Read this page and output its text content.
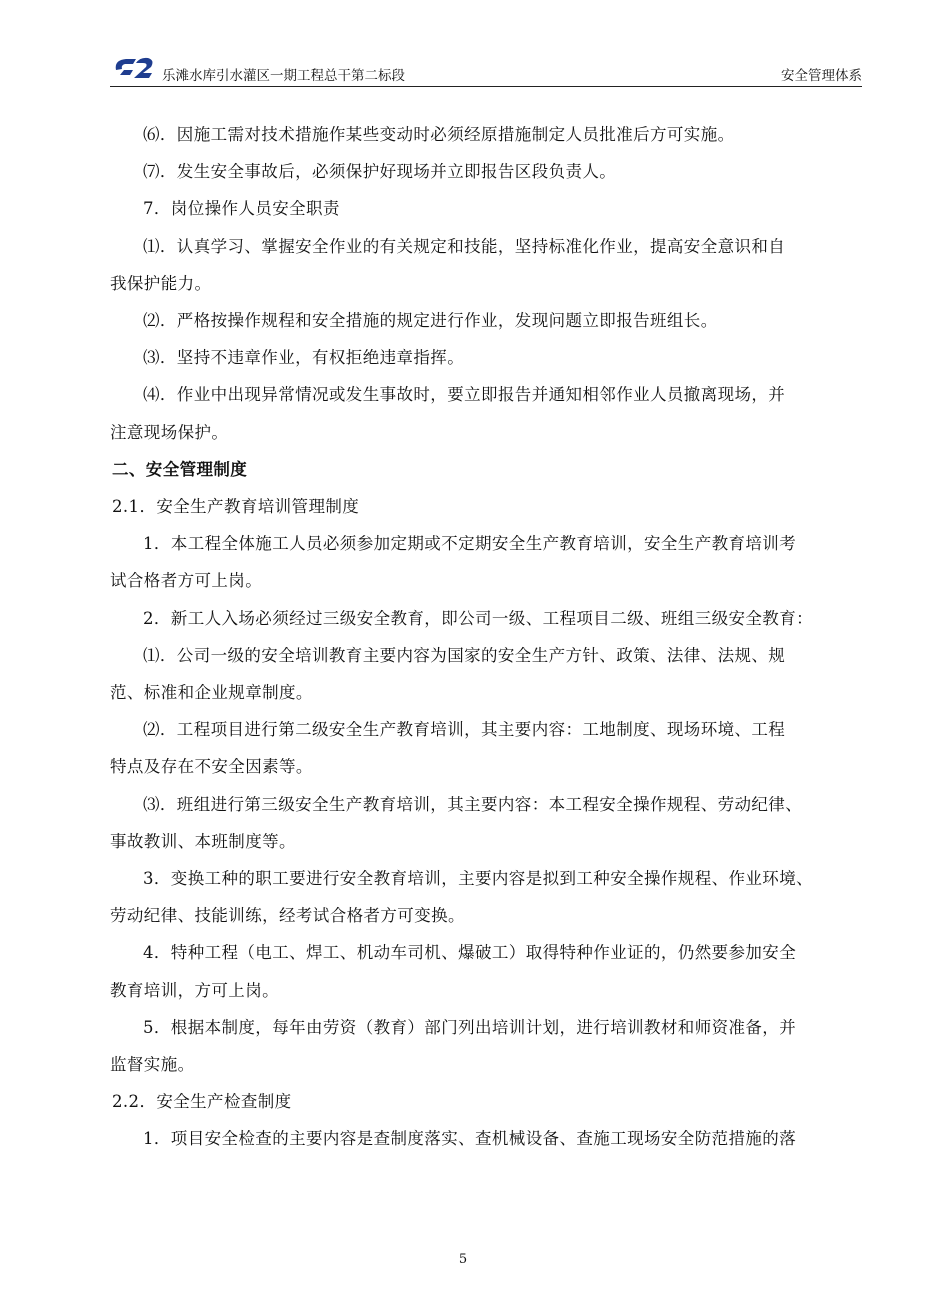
乐滩水库引水灌区一期工程总干第二标段	安全管理体系

⑹．因施工需对技术措施作某些变动时必须经原措施制定人员批准后方可实施。

⑺．发生安全事故后，必须保护好现场并立即报告区段负责人。

7．岗位操作人员安全职责

⑴．认真学习、掌握安全作业的有关规定和技能，坚持标准化作业，提高安全意识和自

我保护能力。

⑵．严格按操作规程和安全措施的规定进行作业，发现问题立即报告班组长。

⑶．坚持不违章作业，有权拒绝违章指挥。

⑷．作业中出现异常情况或发生事故时，要立即报告并通知相邻作业人员撤离现场，并

注意现场保护。

二、安全管理制度

2.1．安全生产教育培训管理制度

1．本工程全体施工人员必须参加定期或不定期安全生产教育培训，安全生产教育培训考

试合格者方可上岗。

2．新工人入场必须经过三级安全教育，即公司一级、工程项目二级、班组三级安全教育：

⑴．公司一级的安全培训教育主要内容为国家的安全生产方针、政策、法律、法规、规

范、标准和企业规章制度。

⑵．工程项目进行第二级安全生产教育培训，其主要内容：工地制度、现场环境、工程

特点及存在不安全因素等。

⑶．班组进行第三级安全生产教育培训，其主要内容：本工程安全操作规程、劳动纪律、

事故教训、本班制度等。

3．变换工种的职工要进行安全教育培训，主要内容是拟到工种安全操作规程、作业环境、

劳动纪律、技能训练，经考试合格者方可变换。

4．特种工程（电工、焊工、机动车司机、爆破工）取得特种作业证的，仍然要参加安全

教育培训，方可上岗。

5．根据本制度，每年由劳资（教育）部门列出培训计划，进行培训教材和师资准备，并

监督实施。

2.2．安全生产检查制度

1．项目安全检查的主要内容是查制度落实、查机械设备、查施工现场安全防范措施的落

5
